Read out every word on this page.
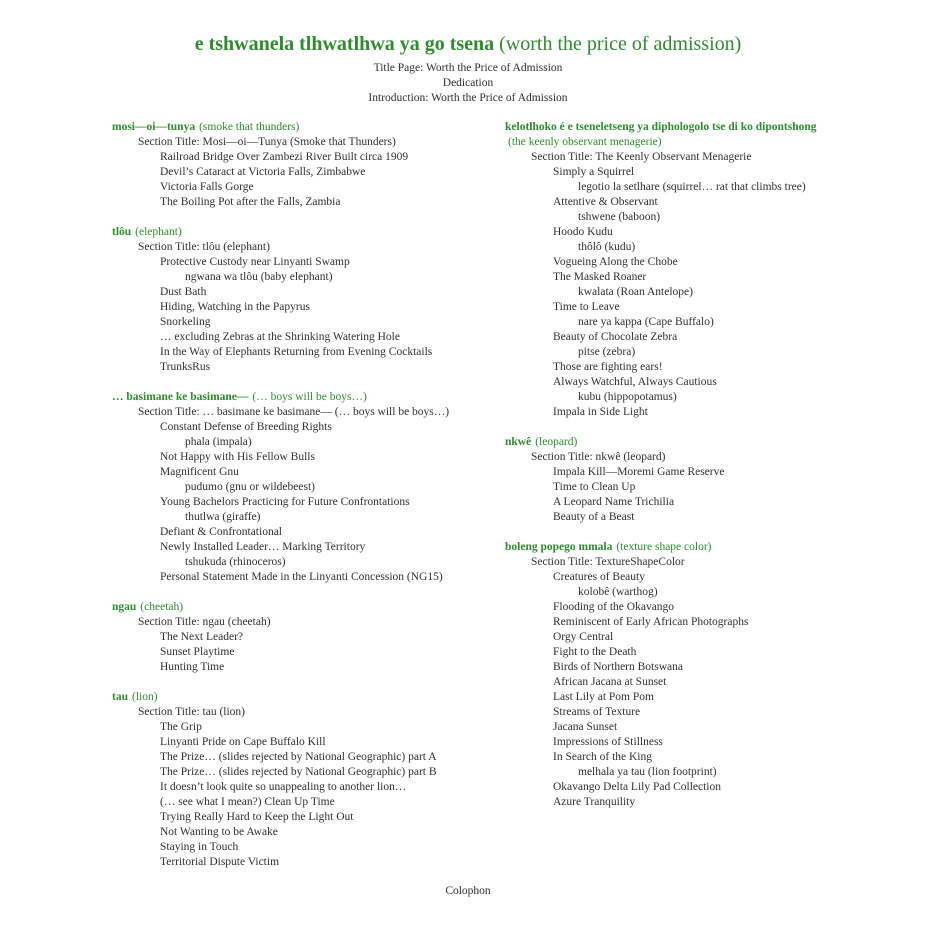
e tshwanela tlhwatlhwa ya go tsena (worth the price of admission)
Title Page: Worth the Price of Admission
Dedication
Introduction: Worth the Price of Admission
mosi—oi—tunya (smoke that thunders)
Section Title: Mosi—oi—Tunya (Smoke that Thunders)
Railroad Bridge Over Zambezi River Built circa 1909
Devil’s Cataract at Victoria Falls, Zimbabwe
Victoria Falls Gorge
The Boiling Pot after the Falls, Zambia
tlôu (elephant)
Section Title: tlôu (elephant)
Protective Custody near Linyanti Swamp
ngwana wa tlôu (baby elephant)
Dust Bath
Hiding, Watching in the Papyrus
Snorkeling
… excluding Zebras at the Shrinking Watering Hole
In the Way of Elephants Returning from Evening Cocktails
TrunksRus
… basimane ke basimane— (… boys will be boys…)
Section Title: … basimane ke basimane— (… boys will be boys…)
Constant Defense of Breeding Rights
phala (impala)
Not Happy with His Fellow Bulls
Magnificent Gnu
pudumo (gnu or wildebeest)
Young Bachelors Practicing for Future Confrontations
thutlwa (giraffe)
Defiant & Confrontational
Newly Installed Leader… Marking Territory
tshukuda (rhinoceros)
Personal Statement Made in the Linyanti Concession (NG15)
ngau (cheetah)
Section Title: ngau (cheetah)
The Next Leader?
Sunset Playtime
Hunting Time
tau (lion)
Section Title: tau (lion)
The Grip
Linyanti Pride on Cape Buffalo Kill
The Prize… (slides rejected by National Geographic) part A
The Prize… (slides rejected by National Geographic) part B
It doesn’t look quite so unappealing to another lion…
(… see what I mean?) Clean Up Time
Trying Really Hard to Keep the Light Out
Not Wanting to be Awake
Staying in Touch
Territorial Dispute Victim
kelotlhoko é e tseneletseng ya diphologolo tse di ko dipontshong
(the keenly observant menagerie)
Section Title: The Keenly Observant Menagerie
Simply a Squirrel
legotio la setlhare (squirrel… rat that climbs tree)
Attentive & Observant
tshwene (baboon)
Hoodo Kudu
thôlô (kudu)
Vogueing Along the Chobe
The Masked Roaner
kwalata (Roan Antelope)
Time to Leave
nare ya kappa (Cape Buffalo)
Beauty of Chocolate Zebra
pitse (zebra)
Those are fighting ears!
Always Watchful, Always Cautious
kubu (hippopotamus)
Impala in Side Light
nkwê (leopard)
Section Title: nkwê (leopard)
Impala Kill—Moremi Game Reserve
Time to Clean Up
A Leopard Name Trichilia
Beauty of a Beast
boleng popego mmala (texture shape color)
Section Title: TextureShapeColor
Creatures of Beauty
kolobê (warthog)
Flooding of the Okavango
Reminiscent of Early African Photographs
Orgy Central
Fight to the Death
Birds of Northern Botswana
African Jacana at Sunset
Last Lily at Pom Pom
Streams of Texture
Jacana Sunset
Impressions of Stillness
In Search of the King
melhala ya tau (lion footprint)
Okavango Delta Lily Pad Collection
Azure Tranquility
Colophon
